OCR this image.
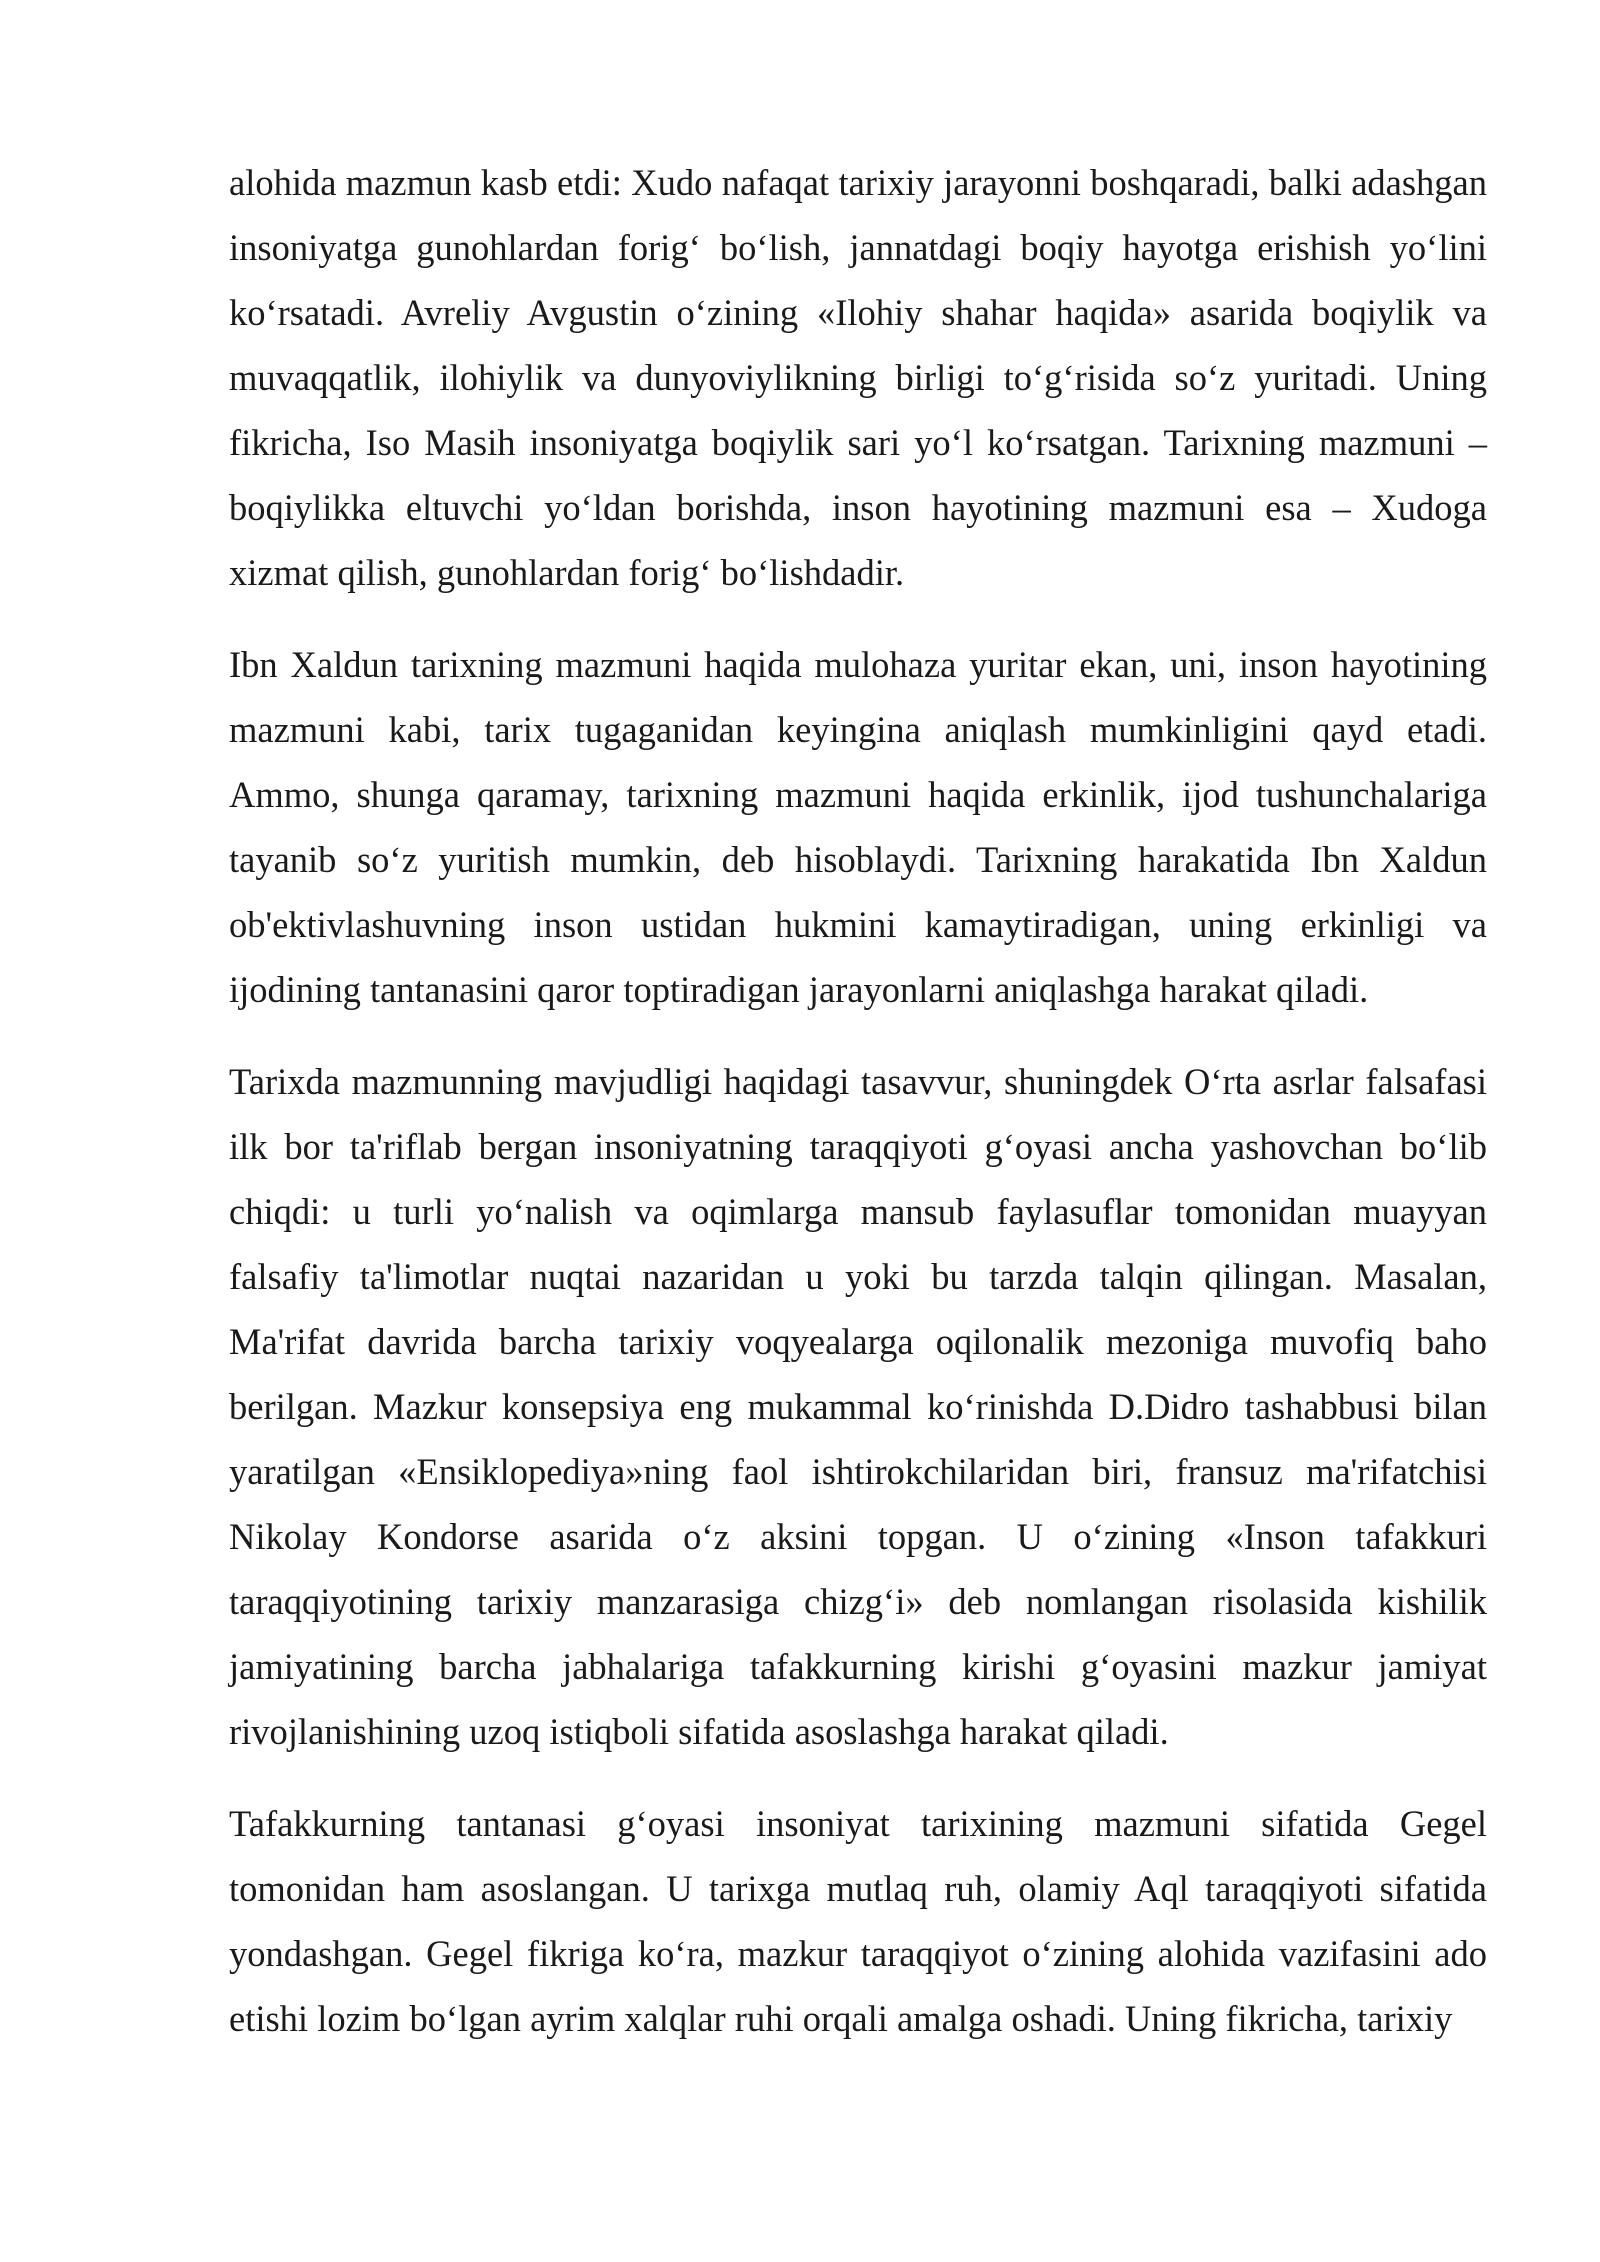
alohida mazmun kasb etdi: Xudo nafaqat tarixiy jarayonni boshqaradi, balki adashgan insoniyatga gunohlardan forig‘ bo‘lish, jannatdagi boqiy hayotga erishish yo‘lini ko‘rsatadi. Avreliy Avgustin o‘zining «Ilohiy shahar haqida» asarida boqiylik va muvaqqatlik, ilohiylik va dunyoviylikning birligi to‘g‘risida so‘z yuritadi. Uning fikricha, Iso Masih insoniyatga boqiylik sari yo‘l ko‘rsatgan. Tarixning mazmuni – boqiylikka eltuvchi yo‘ldan borishda, inson hayotining mazmuni esa – Xudoga xizmat qilish, gunohlardan forig‘ bo‘lishdadir.

Ibn Xaldun tarixning mazmuni haqida mulohaza yuritar ekan, uni, inson hayotining mazmuni kabi, tarix tugaganidan keyingina aniqlash mumkinligini qayd etadi. Ammo, shunga qaramay, tarixning mazmuni haqida erkinlik, ijod tushunchalariga tayanib so‘z yuritish mumkin, deb hisoblaydi. Tarixning harakatida Ibn Xaldun ob'ektivlashuvning inson ustidan hukmini kamaytiradigan, uning erkinligi va ijodining tantanasini qaror toptiradigan jarayonlarni aniqlashga harakat qiladi.

Tarixda mazmunning mavjudligi haqidagi tasavvur, shuningdek O‘rta asrlar falsafasi ilk bor ta'riflab bergan insoniyatning taraqqiyoti g‘oyasi ancha yashovchan bo‘lib chiqdi: u turli yo‘nalish va oqimlarga mansub faylasuflar tomonidan muayyan falsafiy ta'limotlar nuqtai nazaridan u yoki bu tarzda talqin qilingan. Masalan, Ma'rifat davrida barcha tarixiy voqyealarga oqilonalik mezoniga muvofiq baho berilgan. Mazkur konsepsiya eng mukammal ko‘rinishda D.Didro tashabbusi bilan yaratilgan «Ensiklopediya»ning faol ishtirokchilaridan biri, fransuz ma'rifatchisi Nikolay Kondorse asarida o‘z aksini topgan. U o‘zining «Inson tafakkuri taraqqiyotining tarixiy manzarasiga chizg‘i» deb nomlangan risolasida kishilik jamiyatining barcha jabhalariga tafakkurning kirishi g‘oyasini mazkur jamiyat rivojlanishining uzoq istiqboli sifatida asoslashga harakat qiladi.

Tafakkurning tantanasi g‘oyasi insoniyat tarixining mazmuni sifatida Gegel tomonidan ham asoslangan. U tarixga mutlaq ruh, olamiy Aql taraqqiyoti sifatida yondashgan. Gegel fikriga ko‘ra, mazkur taraqqiyot o‘zining alohida vazifasini ado etishi lozim bo‘lgan ayrim xalqlar ruhi orqali amalga oshadi. Uning fikricha, tarixiy
